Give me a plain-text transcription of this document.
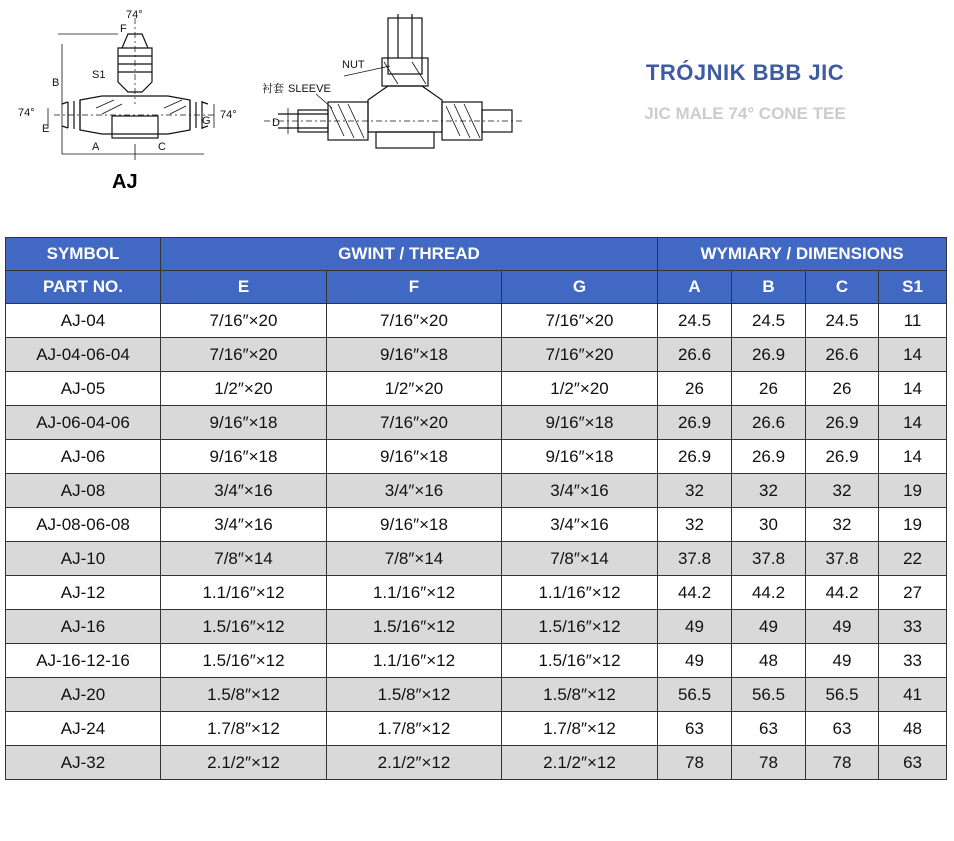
74°
F
B
S1
74°
E
G 74°
A	C
AJ
NUT
衬套 SLEEVE
D
TRÓJNIK BBB JIC
JIC MALE 74° CONE TEE
SYMBOL	GWINT / THREAD			WYMIARY / DIMENSIONS			
PART NO.	E	F	G	A	B	C	S1
AJ-04	7/16″×20	7/16″×20	7/16″×20	24.5	24.5	24.5	11
AJ-04-06-04	7/16″×20	9/16″×18	7/16″×20	26.6	26.9	26.6	14
AJ-05	1/2″×20	1/2″×20	1/2″×20	26	26	26	14
AJ-06-04-06	9/16″×18	7/16″×20	9/16″×18	26.9	26.6	26.9	14
AJ-06	9/16″×18	9/16″×18	9/16″×18	26.9	26.9	26.9	14
AJ-08	3/4″×16	3/4″×16	3/4″×16	32	32	32	19
AJ-08-06-08	3/4″×16	9/16″×18	3/4″×16	32	30	32	19
AJ-10	7/8″×14	7/8″×14	7/8″×14	37.8	37.8	37.8	22
AJ-12	1.1/16″×12	1.1/16″×12	1.1/16″×12	44.2	44.2	44.2	27
AJ-16	1.5/16″×12	1.5/16″×12	1.5/16″×12	49	49	49	33
AJ-16-12-16	1.5/16″×12	1.1/16″×12	1.5/16″×12	49	48	49	33
AJ-20	1.5/8″×12	1.5/8″×12	1.5/8″×12	56.5	56.5	56.5	41
AJ-24	1.7/8″×12	1.7/8″×12	1.7/8″×12	63	63	63	48
AJ-32	2.1/2″×12	2.1/2″×12	2.1/2″×12	78	78	78	63
